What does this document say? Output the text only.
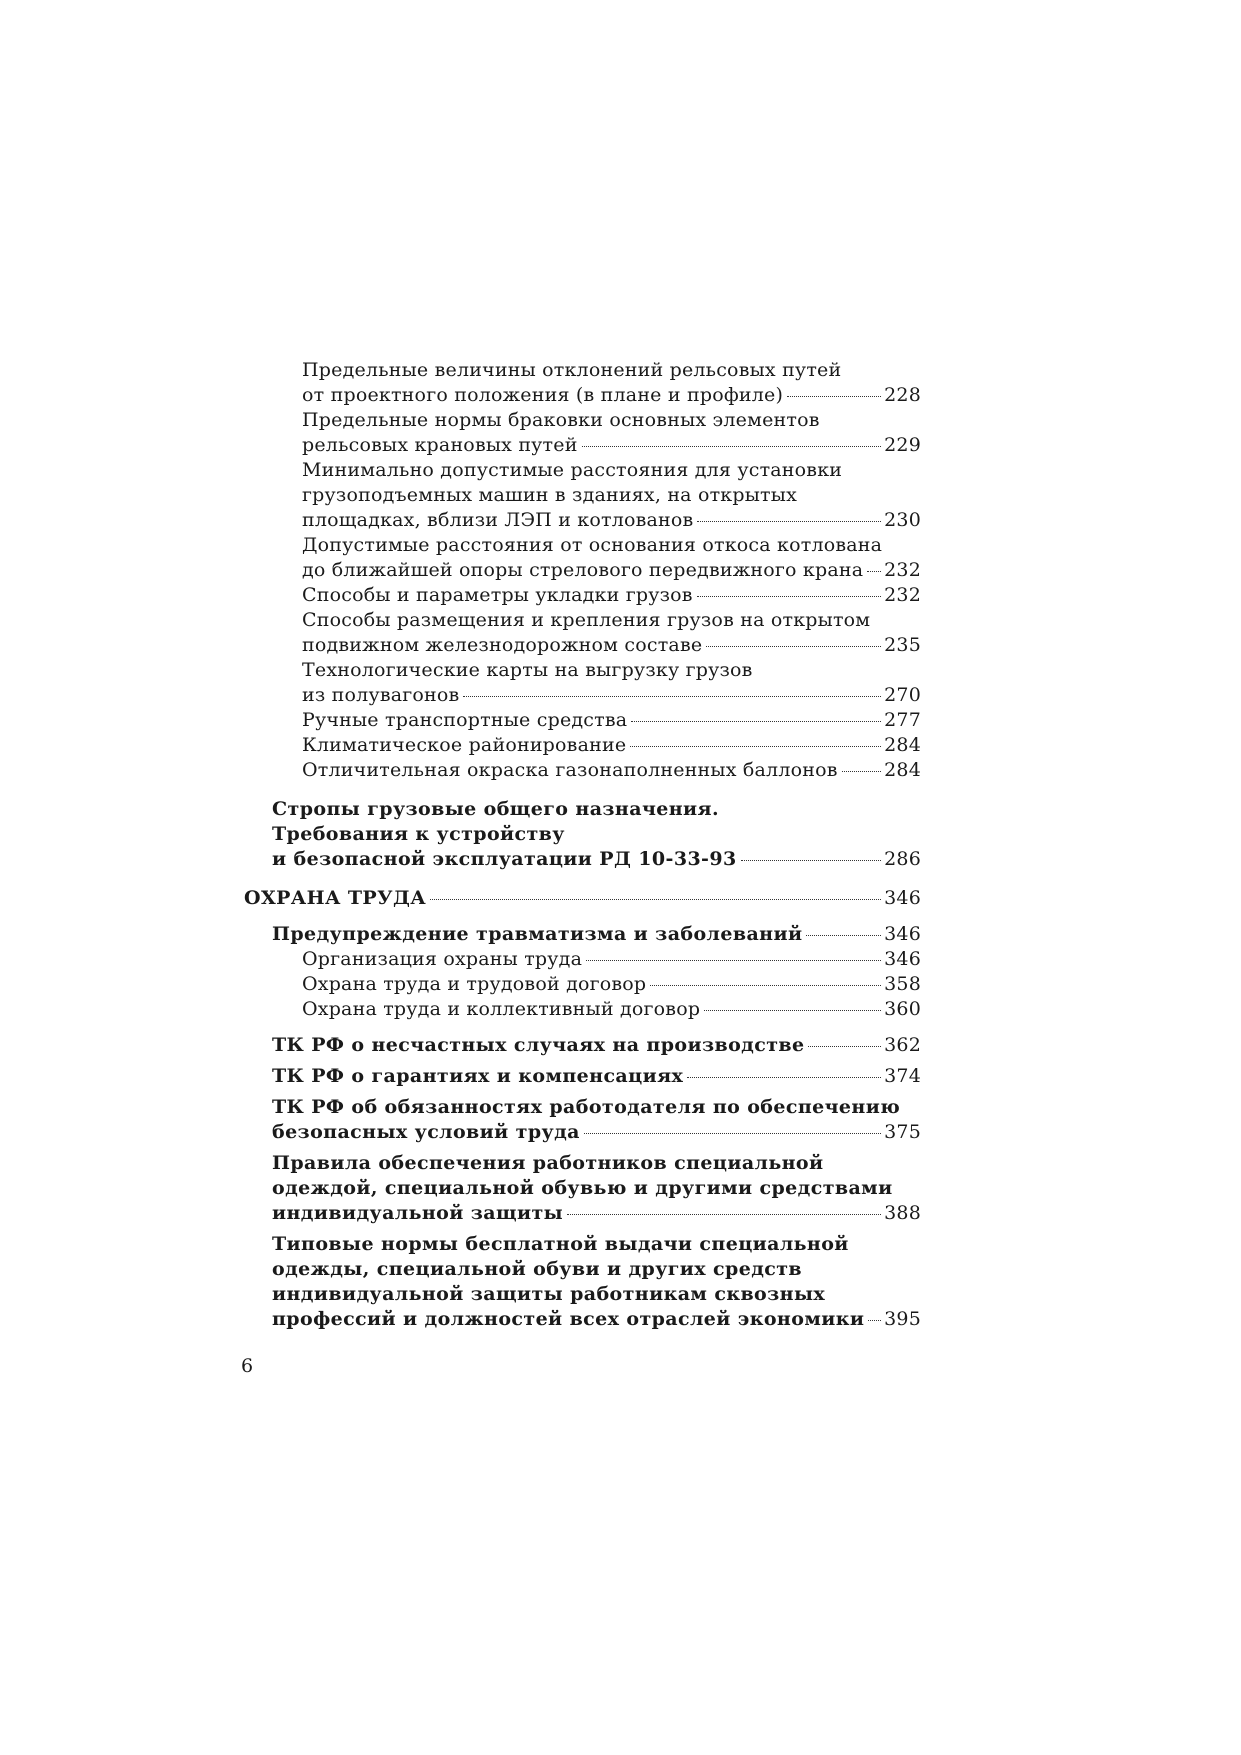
Предельные величины отклонений рельсовых путей
от проектного положения (в плане и профиле)	228
Предельные нормы браковки основных элементов
рельсовых крановых путей	229
Минимально допустимые расстояния для установки
грузоподъемных машин в зданиях, на открытых
площадках, вблизи ЛЭП и котлованов	230
Допустимые расстояния от основания откоса котлована
до ближайшей опоры стрелового передвижного крана 232
Способы и параметры укладки грузов	232
Способы размещения и крепления грузов на открытом
подвижном железнодорожном составе	235
Технологические карты на выгрузку грузов
из полувагонов	270
Ручные транспортные средства	277
Климатическое районирование	284
Отличительная окраска газонаполненных баллонов 284
Стропы грузовые общего назначения.
Требования к устройству
и безопасной эксплуатации РД 10-33-93	286
ОХРАНА ТРУДА	346
Предупреждение травматизма и заболеваний	346
Организация охраны труда	346
Охрана труда и трудовой договор	358
Охрана труда и коллективный договор	360
ТК РФ о несчастных случаях на производстве	362
ТК РФ о гарантиях и компенсациях	374
ТК РФ об обязанностях работодателя по обеспечению
безопасных условий труда	375
Правила обеспечения работников специальной
одеждой, специальной обувью и другими средствами
индивидуальной защиты	388
Типовые нормы бесплатной выдачи специальной
одежды, специальной обуви и других средств
индивидуальной защиты работникам сквозных
профессий и должностей всех отраслей экономики 395
6
